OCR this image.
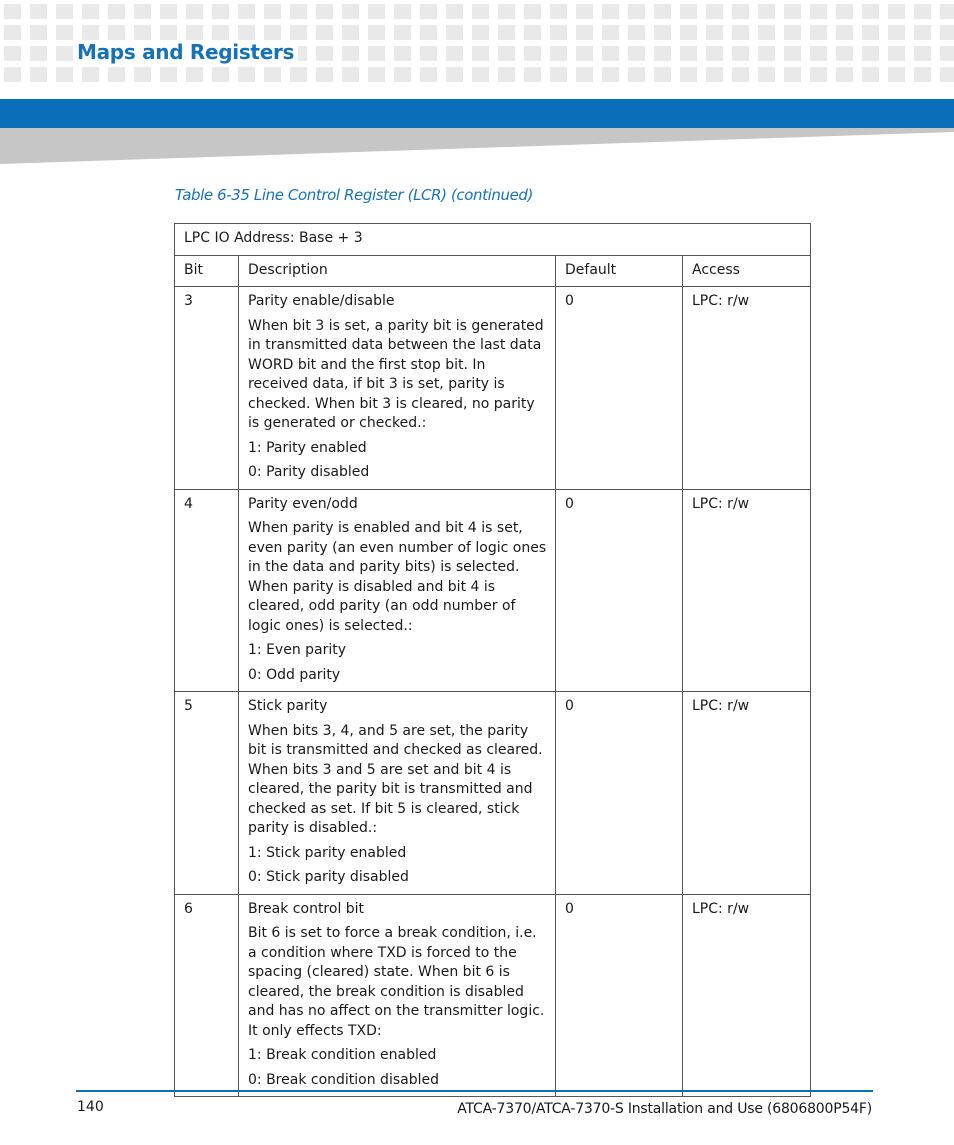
Maps and Registers
Table 6-35 Line Control Register (LCR) (continued)
LPC IO Address: Base + 3			
Bit	Description	Default	Access
3	Parity enable/disable

When bit 3 is set, a parity bit is generated in transmitted data between the last data WORD bit and the first stop bit. In received data, if bit 3 is set, parity is checked. When bit 3 is cleared, no parity is generated or checked.:

1: Parity enabled

0: Parity disabled	0	LPC: r/w
4	Parity even/odd

When parity is enabled and bit 4 is set, even parity (an even number of logic ones in the data and parity bits) is selected. When parity is disabled and bit 4 is cleared, odd parity (an odd number of logic ones) is selected.:

1: Even parity

0: Odd parity	0	LPC: r/w
5	Stick parity

When bits 3, 4, and 5 are set, the parity bit is transmitted and checked as cleared. When bits 3 and 5 are set and bit 4 is cleared, the parity bit is transmitted and checked as set. If bit 5 is cleared, stick parity is disabled.:

1: Stick parity enabled

0: Stick parity disabled	0	LPC: r/w
6	Break control bit

Bit 6 is set to force a break condition, i.e. a condition where TXD is forced to the spacing (cleared) state. When bit 6 is cleared, the break condition is disabled and has no affect on the transmitter logic. It only effects TXD:

1: Break condition enabled

0: Break condition disabled	0	LPC: r/w
140	ATCA-7370/ATCA-7370-S Installation and Use (6806800P54F)
